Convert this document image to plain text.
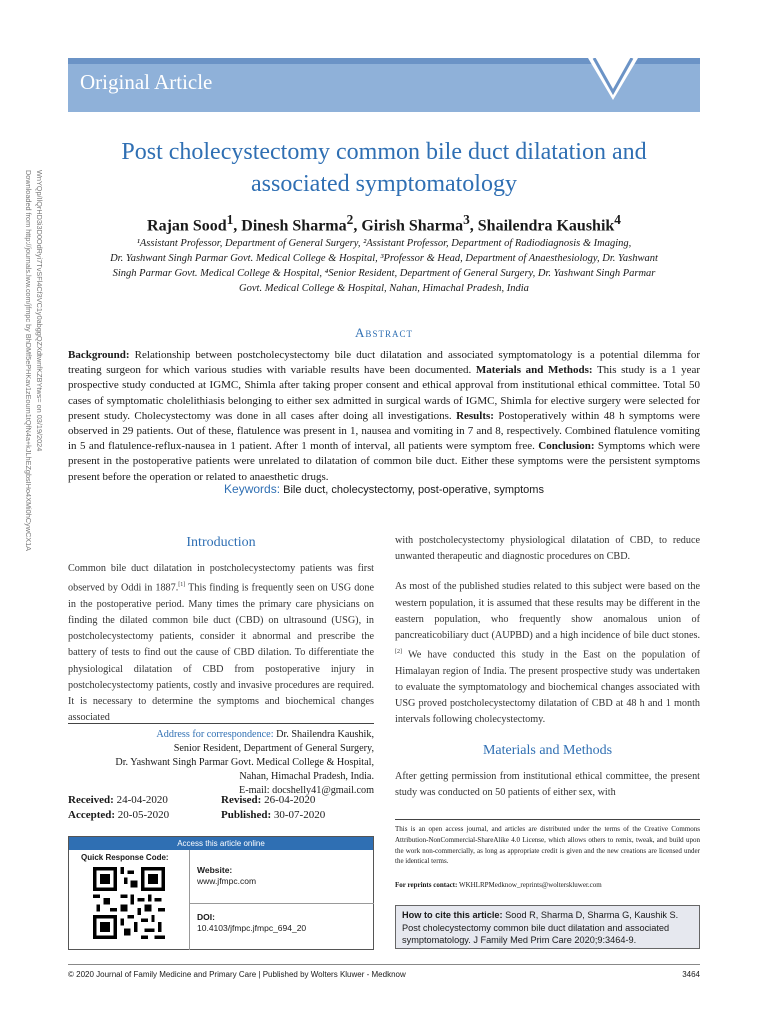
Downloaded from http://journals.lww.com/jfmpc by BhDMf5ePHKav1zEoum1tQfN4a+kJLhEZgbsIHo4XMi0hCywCX1A WnYQp/IlQrHD3i3D0OdRyi7TvSFl4Cf3VC1y0abggQZXdtwnfKZBYtws= on 03/19/2024
Original Article
Post cholecystectomy common bile duct dilatation and
associated symptomatology
Rajan Sood$^1$, Dinesh Sharma$^2$, Girish Sharma$^3$, Shailendra Kaushik$^4$
¹Assistant Professor, Department of General Surgery, ²Assistant Professor, Department of Radiodiagnosis & Imaging,
Dr. Yashwant Singh Parmar Govt. Medical College & Hospital, ³Professor & Head, Department of Anaesthesiology, Dr. Yashwant
Singh Parmar Govt. Medical College & Hospital, ⁴Senior Resident, Department of General Surgery, Dr. Yashwant Singh Parmar
Govt. Medical College & Hospital, Nahan, Himachal Pradesh, India
Abstract
Background: Relationship between postcholecystectomy bile duct dilatation and associated symptomatology is a potential dilemma for treating surgeon for which various studies with variable results have been documented. Materials and Methods: This study is a 1 year prospective study conducted at IGMC, Shimla after taking proper consent and ethical approval from institutional ethical committee. Total 50 cases of symptomatic cholelithiasis belonging to either sex admitted in surgical wards of IGMC, Shimla for elective surgery were selected for present study. Cholecystectomy was done in all cases after doing all investigations. Results: Postoperatively within 48 h symptoms were observed in 29 patients. Out of these, flatulence was present in 1, nausea and vomiting in 7 and 8, respectively. Combined flatulence vomiting in 5 and flatulence-reflux-nausea in 1 patient. After 1 month of interval, all patients were symptom free. Conclusion: Symptoms which were present in the postoperative patients were unrelated to dilatation of common bile duct. Either these symptoms were the persistent symptoms present before the operation or related to anaesthetic drugs.
Keywords: Bile duct, cholecystectomy, post-operative, symptoms
Introduction
Common bile duct dilatation in postcholecystectomy patients was first observed by Oddi in 1887.[1] This finding is frequently seen on USG done in the postoperative period. Many times the primary care physicians on finding the dilated common bile duct (CBD) on ultrasound (USG), in postcholecystectomy patients, consider it abnormal and prescribe the battery of tests to find out the cause of CBD dilation. To differentiate the physiological dilatation of CBD from postoperative injury in postcholecystectomy patients, costly and invasive procedures are required. It is necessary to determine the symptoms and biochemical changes associated
with postcholecystectomy physiological dilatation of CBD, to reduce unwanted therapeutic and diagnostic procedures on CBD.
As most of the published studies related to this subject were based on the western population, it is assumed that these results may be different in the eastern population, who frequently show anomalous union of pancreaticobiliary duct (AUPBD) and a high incidence of bile duct stones.[2] We have conducted this study in the East on the population of Himalayan region of India. The present prospective study was undertaken to evaluate the symptomatology and biochemical changes associated with USG proved postcholecystectomy dilatation of CBD at 48 h and 1 month intervals following cholecystectomy.
Materials and Methods
After getting permission from institutional ethical committee, the present study was conducted on 50 patients of either sex, with
Address for correspondence: Dr. Shailendra Kaushik,
Senior Resident, Department of General Surgery,
Dr. Yashwant Singh Parmar Govt. Medical College & Hospital,
Nahan, Himachal Pradesh, India.
E-mail: docshelly41@gmail.com
Received: 24-04-2020	Revised: 26-04-2020
Accepted: 20-05-2020	Published: 30-07-2020
Access this article online
Quick Response Code:
Website:
www.jfmpc.com
DOI:
10.4103/jfmpc.jfmpc_694_20
This is an open access journal, and articles are distributed under the terms of the Creative Commons Attribution-NonCommercial-ShareAlike 4.0 License, which allows others to remix, tweak, and build upon the work non-commercially, as long as appropriate credit is given and the new creations are licensed under the identical terms.
For reprints contact: WKHLRPMedknow_reprints@wolterskluwer.com
How to cite this article: Sood R, Sharma D, Sharma G, Kaushik S. Post cholecystectomy common bile duct dilatation and associated symptomatology. J Family Med Prim Care 2020;9:3464-9.
© 2020 Journal of Family Medicine and Primary Care | Published by Wolters Kluwer - Medknow	3464
